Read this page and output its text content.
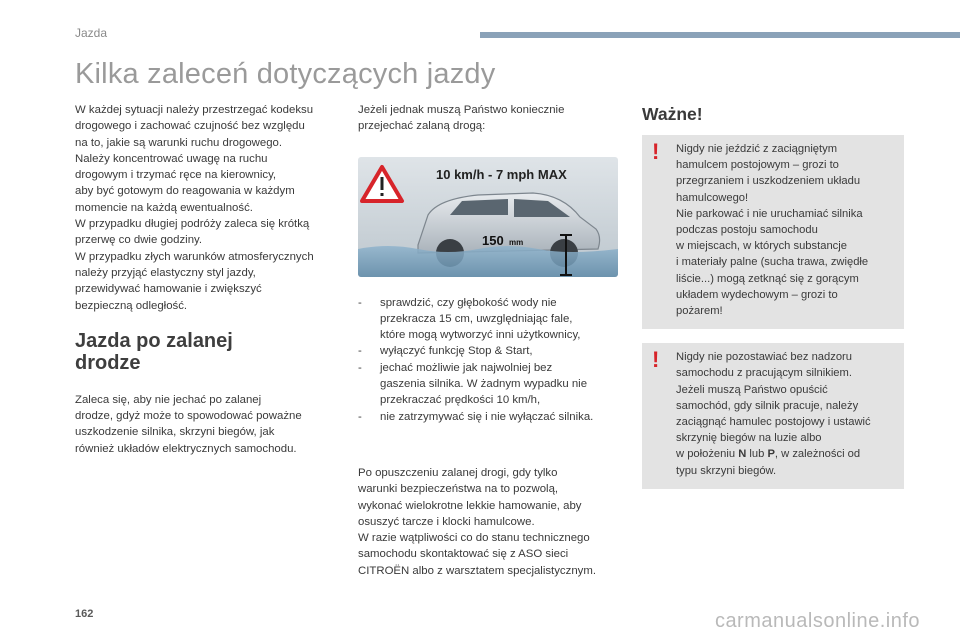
Jazda
Kilka zaleceń dotyczących jazdy

W każdej sytuacji należy przestrzegać kodeksu
drogowego i zachować czujność bez względu
na to, jakie są warunki ruchu drogowego.
Należy koncentrować uwagę na ruchu
drogowym i trzymać ręce na kierownicy,
aby być gotowym do reagowania w każdym
momencie na każdą ewentualność.
W przypadku długiej podróży zaleca się krótką
przerwę co dwie godziny.
W przypadku złych warunków atmosferycznych
należy przyjąć elastyczny styl jazdy,
przewidywać hamowanie i zwiększyć
bezpieczną odległość.

Jazda po zalanej
drodze

Zaleca się, aby nie jechać po zalanej
drodze, gdyż może to spowodować poważne
uszkodzenie silnika, skrzyni biegów, jak
również układów elektrycznych samochodu.

Jeżeli jednak muszą Państwo koniecznie
przejechać zalaną drogą:

10 km/h - 7 mph MAX
150 mm
- sprawdzić, czy głębokość wody nie
przekracza 15 cm, uwzględniając fale,
które mogą wytworzyć inni użytkownicy,
- wyłączyć funkcję Stop & Start,
- jechać możliwie jak najwolniej bez
gaszenia silnika. W żadnym wypadku nie
przekraczać prędkości 10 km/h,
- nie zatrzymywać się i nie wyłączać silnika.

Po opuszczeniu zalanej drogi, gdy tylko
warunki bezpieczeństwa na to pozwolą,
wykonać wielokrotne lekkie hamowanie, aby
osuszyć tarcze i klocki hamulcowe.
W razie wątpliwości co do stanu technicznego
samochodu skontaktować się z ASO sieci
CITROËN albo z warsztatem specjalistycznym.

Ważne!
! Nigdy nie jeździć z zaciągniętym
hamulcem postojowym – grozi to
przegrzaniem i uszkodzeniem układu
hamulcowego!
Nie parkować i nie uruchamiać silnika
podczas postoju samochodu
w miejscach, w których substancje
i materiały palne (sucha trawa, zwiędłe
liście...) mogą zetknąć się z gorącym
układem wydechowym – grozi to
pożarem!

! Nigdy nie pozostawiać bez nadzoru
samochodu z pracującym silnikiem.
Jeżeli muszą Państwo opuścić
samochód, gdy silnik pracuje, należy
zaciągnąć hamulec postojowy i ustawić
skrzynię biegów na luzie albo
w położeniu N lub P, w zależności od
typu skrzyni biegów.

162	carmanualsonline.info
